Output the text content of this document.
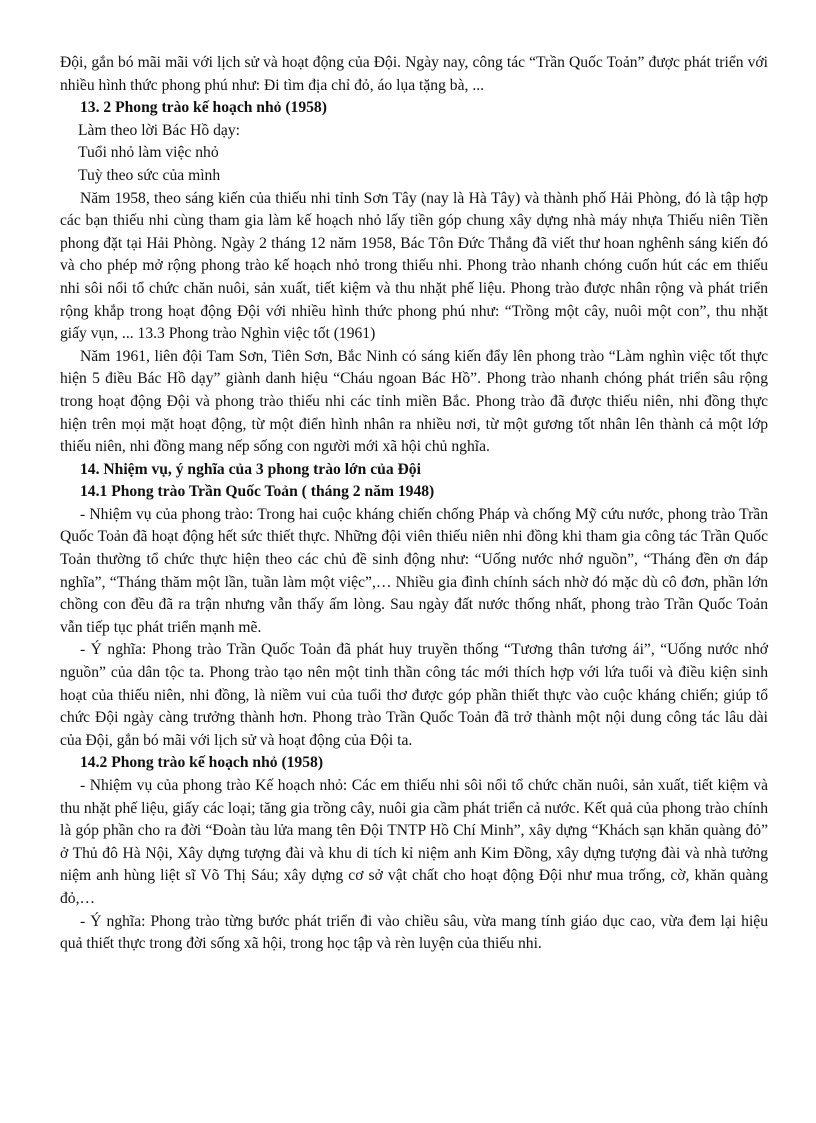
Đội, gắn bó mãi mãi với lịch sử và hoạt động của Đội. Ngày nay, công tác “Trần Quốc Toản” được phát triển với nhiều hình thức phong phú như: Đi tìm địa chỉ đỏ, áo lụa tặng bà, ...

13. 2 Phong trào kế hoạch nhỏ (1958)

Làm theo lời Bác Hồ dạy:

Tuổi nhỏ làm việc nhỏ

Tuỳ theo sức của mình

Năm 1958, theo sáng kiến của thiếu nhi tỉnh Sơn Tây (nay là Hà Tây) và thành phố Hải Phòng, đó là tập hợp các bạn thiếu nhi cùng tham gia làm kế hoạch nhỏ lấy tiền góp chung xây dựng nhà máy nhựa Thiếu niên Tiền phong đặt tại Hải Phòng. Ngày 2 tháng 12 năm 1958, Bác Tôn Đức Thắng đã viết thư hoan nghênh sáng kiến đó và cho phép mở rộng phong trào kế hoạch nhỏ trong thiếu nhi. Phong trào nhanh chóng cuốn hút các em thiếu nhi sôi nổi tổ chức chăn nuôi, sản xuất, tiết kiệm và thu nhặt phế liệu. Phong trào được nhân rộng và phát triển rộng khắp trong hoạt động Đội với nhiều hình thức phong phú như: “Trồng một cây, nuôi một con”, thu nhặt giấy vụn, ... 13.3 Phong trào Nghìn việc tốt (1961)

Năm 1961, liên đội Tam Sơn, Tiên Sơn, Bắc Ninh có sáng kiến đẩy lên phong trào “Làm nghìn việc tốt thực hiện 5 điều Bác Hồ dạy” giành danh hiệu “Cháu ngoan Bác Hồ”. Phong trào nhanh chóng phát triển sâu rộng trong hoạt động Đội và phong trào thiếu nhi các tỉnh miền Bắc. Phong trào đã được thiếu niên, nhi đồng thực hiện trên mọi mặt hoạt động, từ một điển hình nhân ra nhiều nơi, từ một gương tốt nhân lên thành cả một lớp thiếu niên, nhi đồng mang nếp sống con người mới xã hội chủ nghĩa.

14. Nhiệm vụ, ý nghĩa của 3 phong trào lớn của Đội

14.1 Phong trào Trần Quốc Toản ( tháng 2 năm 1948)

- Nhiệm vụ của phong trào: Trong hai cuộc kháng chiến chống Pháp và chống Mỹ cứu nước, phong trào Trần Quốc Toản đã hoạt động hết sức thiết thực. Những đội viên thiếu niên nhi đồng khi tham gia công tác Trần Quốc Toản thường tổ chức thực hiện theo các chủ đề sinh động như: “Uống nước nhớ nguồn”, “Tháng đền ơn đáp nghĩa”, “Tháng thăm một lần, tuần làm một việc”,… Nhiều gia đình chính sách nhờ đó mặc dù cô đơn, phần lớn chồng con đều đã ra trận nhưng vẫn thấy ấm lòng. Sau ngày đất nước thống nhất, phong trào Trần Quốc Toản vẫn tiếp tục phát triển mạnh mẽ.

- Ý nghĩa: Phong trào Trần Quốc Toản đã phát huy truyền thống “Tương thân tương ái”, “Uống nước nhớ nguồn” của dân tộc ta. Phong trào tạo nên một tinh thần công tác mới thích hợp với lứa tuổi và điều kiện sinh hoạt của thiếu niên, nhi đồng, là niềm vui của tuổi thơ được góp phần thiết thực vào cuộc kháng chiến; giúp tổ chức Đội ngày càng trưởng thành hơn. Phong trào Trần Quốc Toản đã trở thành một nội dung công tác lâu dài của Đội, gắn bó mãi với lịch sử và hoạt động của Đội ta.

14.2 Phong trào kế hoạch nhỏ (1958)

- Nhiệm vụ của phong trào Kế hoạch nhỏ: Các em thiếu nhi sôi nổi tổ chức chăn nuôi, sản xuất, tiết kiệm và thu nhặt phế liệu, giấy các loại; tăng gia trồng cây, nuôi gia cầm phát triển cả nước. Kết quả của phong trào chính là góp phần cho ra đời “Đoàn tàu lửa mang tên Đội TNTP Hồ Chí Minh”, xây dựng “Khách sạn khăn quàng đỏ” ở Thủ đô Hà Nội, Xây dựng tượng đài và khu di tích kỉ niệm anh Kim Đồng, xây dựng tượng đài và nhà tưởng niệm anh hùng liệt sĩ Võ Thị Sáu; xây dựng cơ sở vật chất cho hoạt động Đội như mua trống, cờ, khăn quàng đỏ,…

- Ý nghĩa: Phong trào từng bước phát triển đi vào chiều sâu, vừa mang tính giáo dục cao, vừa đem lại hiệu quả thiết thực trong đời sống xã hội, trong học tập và rèn luyện của thiếu nhi.
